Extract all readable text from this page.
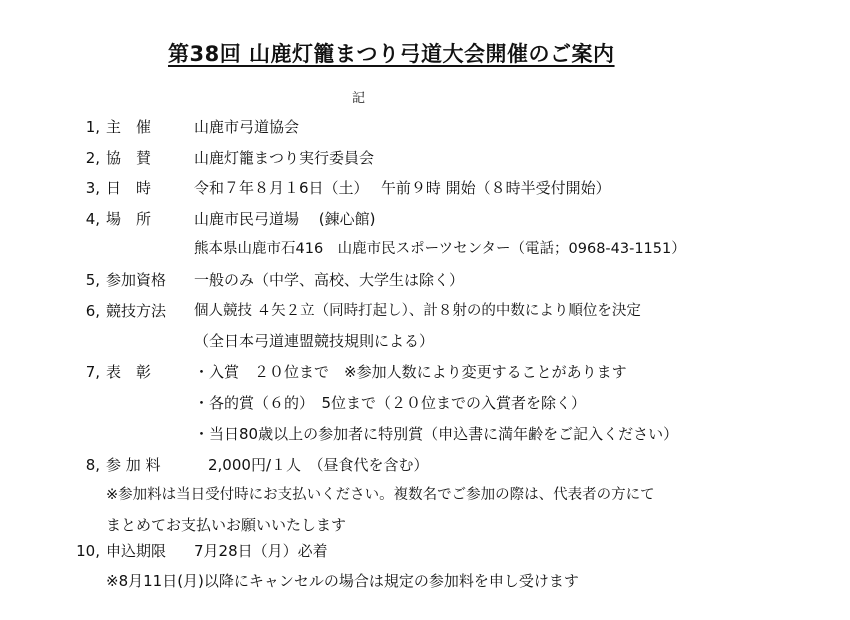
第38回 山鹿灯籠まつり弓道大会開催のご案内
記
1, 主　催	山鹿市弓道協会
2, 協　賛	山鹿灯籠まつり実行委員会
3, 日　時	令和７年８月１6日（土）　 午前９時 開始（８時半受付開始）
4, 場　所	山鹿市民弓道場　 (錬心館)
熊本県山鹿市石416　山鹿市民スポーツセンター（電話；0968-43-1151）
5, 参加資格 一般のみ（中学、高校、大学生は除く）
6, 競技方法 個人競技 ４矢２立（同時打起し）、計８射の的中数により順位を決定
（全日本弓道連盟競技規則による）
7, 表　彰	・入賞　２０位まで　※参加人数により変更することがあります
・各的賞（６的）　5位まで（２０位までの入賞者を除く）
・当日80歳以上の参加者に特別賞（申込書に満年齢をご記入ください）
8, 参 加 料	2,000円/１人　（昼食代を含む）
※参加料は当日受付時にお支払いください。複数名でご参加の際は、代表者の方にて
まとめてお支払いお願いいたします
10, 申込期限 7月28日（月）必着
※8月11日(月)以降にキャンセルの場合は規定の参加料を申し受けます
